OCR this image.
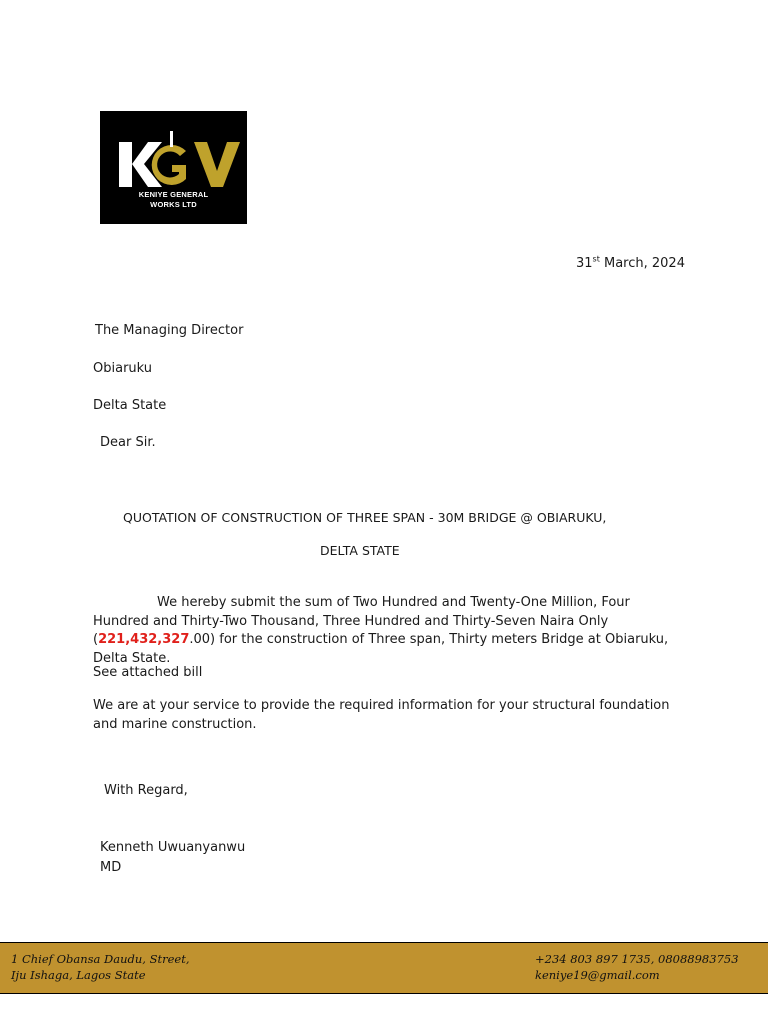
KENIYE GENERAL
WORKS LTD
31st March, 2024
The Managing Director
Obiaruku
Delta State
Dear Sir.
QUOTATION OF CONSTRUCTION OF THREE SPAN - 30M BRIDGE @ OBIARUKU,
DELTA STATE
We hereby submit the sum of Two Hundred and Twenty-One Million, Four Hundred and Thirty-Two Thousand, Three Hundred and Thirty-Seven Naira Only (221,432,327.00) for the construction of Three span, Thirty meters Bridge at Obiaruku, Delta State.
See attached bill
We are at your service to provide the required information for your structural foundation and marine construction.
With Regard,
Kenneth Uwuanyanwu
MD
1 Chief Obansa Daudu, Street,
Iju Ishaga, Lagos State
+234 803 897 1735, 08088983753
keniye19@gmail.com
